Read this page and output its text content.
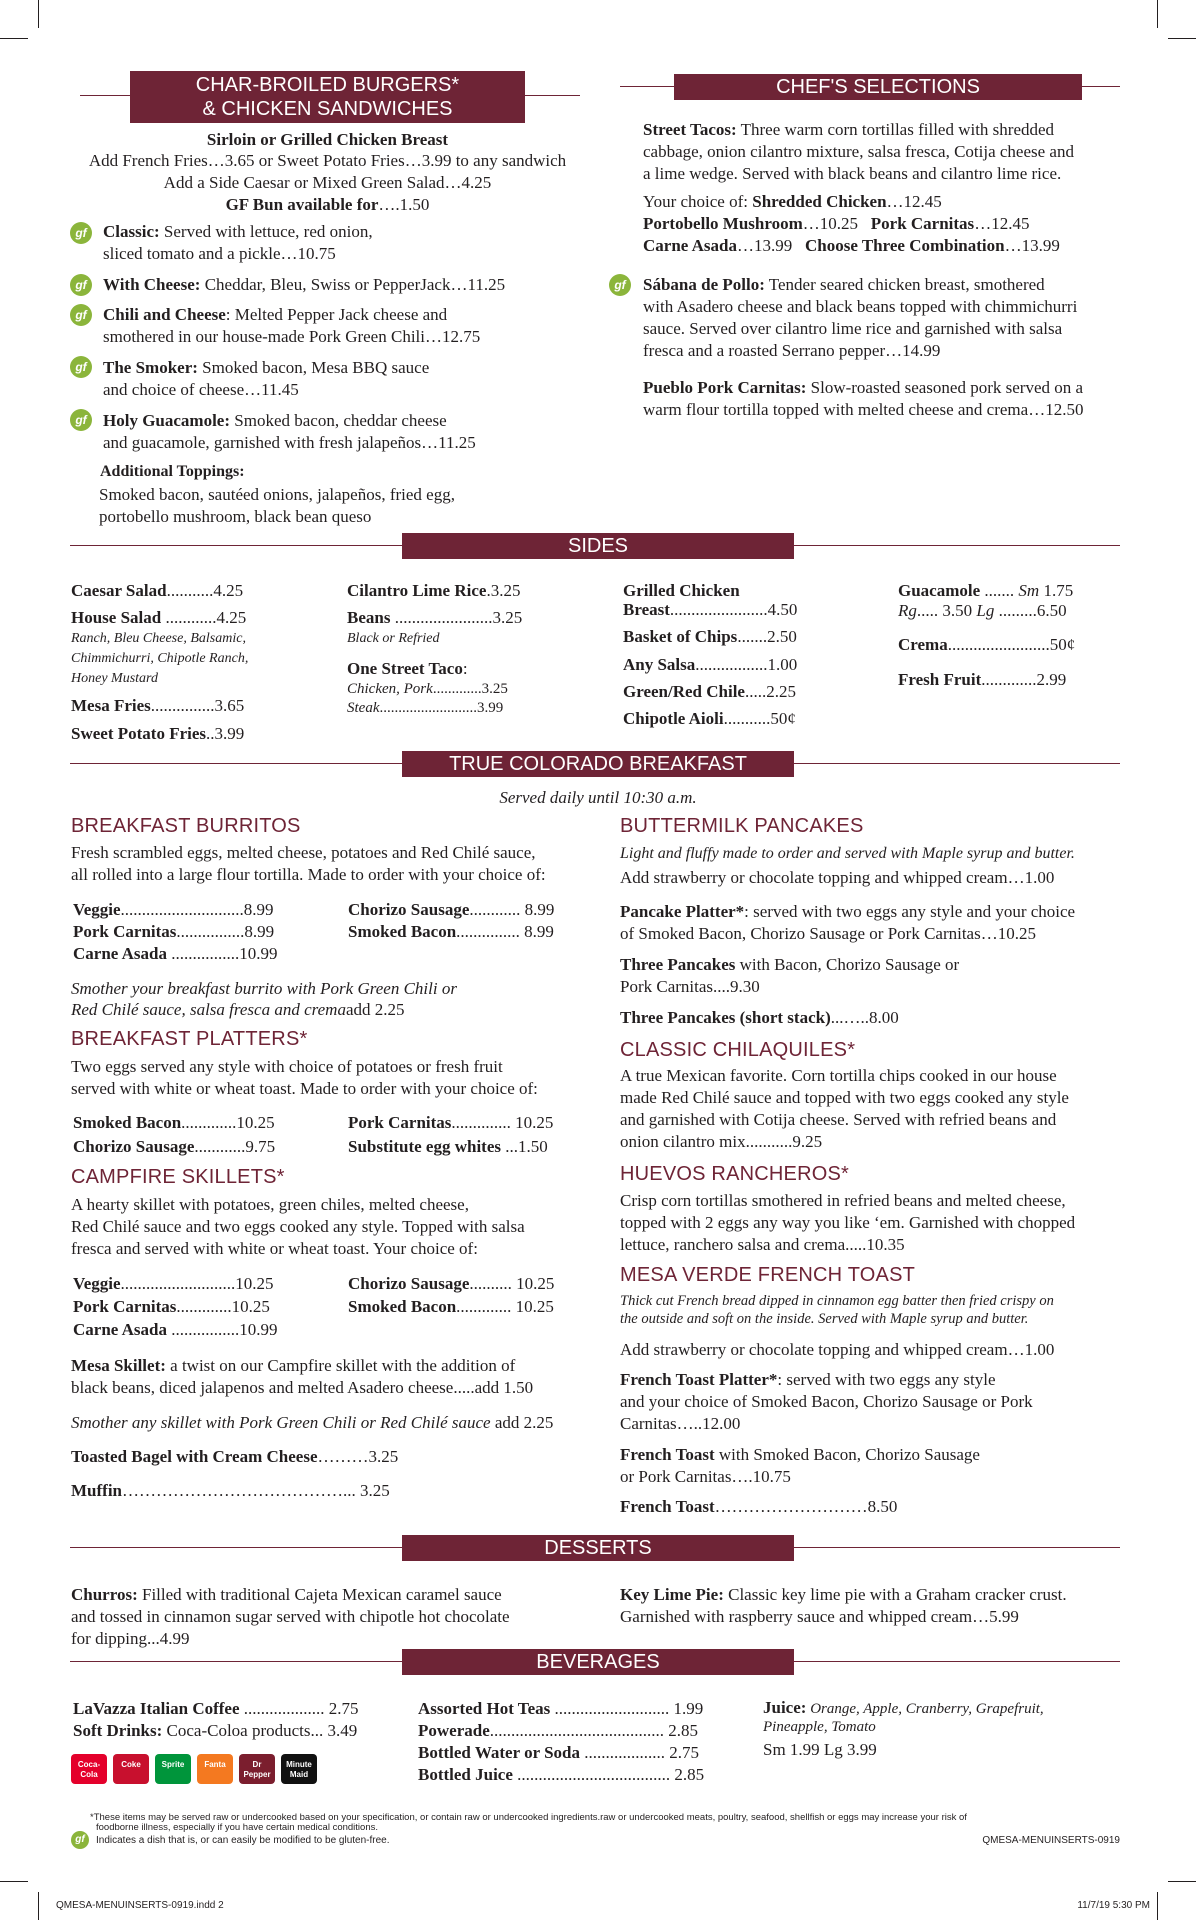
CHAR-BROILED BURGERS*
& CHICKEN SANDWICHES
Sirloin or Grilled Chicken Breast
Add French Fries…3.65 or Sweet Potato Fries…3.99 to any sandwich
Add a Side Caesar or Mixed Green Salad…4.25
GF Bun available for….1.50
gf Classic: Served with lettuce, red onion,
sliced tomato and a pickle…10.75
gf With Cheese: Cheddar, Bleu, Swiss or PepperJack…11.25
gf Chili and Cheese: Melted Pepper Jack cheese and
smothered in our house-made Pork Green Chili…12.75
gf The Smoker: Smoked bacon, Mesa BBQ sauce
and choice of cheese…11.45
gf Holy Guacamole: Smoked bacon, cheddar cheese
and guacamole, garnished with fresh jalapeños…11.25
Additional Toppings:
Smoked bacon, sautéed onions, jalapeños, fried egg,
portobello mushroom, black bean queso
CHEF'S SELECTIONS
Street Tacos: Three warm corn tortillas filled with shredded
cabbage, onion cilantro mixture, salsa fresca, Cotija cheese and
a lime wedge. Served with black beans and cilantro lime rice.
Your choice of: Shredded Chicken…12.45
Portobello Mushroom…10.25 Pork Carnitas…12.45
Carne Asada…13.99 Choose Three Combination…13.99
gf	Sábana de Pollo: Tender seared chicken breast, smothered
with Asadero cheese and black beans topped with chimmichurri
sauce. Served over cilantro lime rice and garnished with salsa
fresca and a roasted Serrano pepper…14.99
Pueblo Pork Carnitas: Slow-roasted seasoned pork served on a
warm flour tortilla topped with melted cheese and crema…12.50
SIDES
Caesar Salad...........4.25
House Salad ............4.25
Ranch, Bleu Cheese, Balsamic,
Chimmichurri, Chipotle Ranch,
Honey Mustard
Mesa Fries...............3.65
Sweet Potato Fries..3.99
Cilantro Lime Rice.3.25
Beans .......................3.25
Black or Refried
One Street Taco:
Chicken, Pork.............3.25
Steak..........................3.99
Grilled Chicken
Breast.......................4.50
Basket of Chips.......2.50
Any Salsa.................1.00
Green/Red Chile.....2.25
Chipotle Aioli...........50¢
Guacamole ....... Sm 1.75
Rg..... 3.50 Lg .........6.50
Crema........................50¢
Fresh Fruit.............2.99
TRUE COLORADO BREAKFAST
Served daily until 10:30 a.m.
BREAKFAST BURRITOS
Fresh scrambled eggs, melted cheese, potatoes and Red Chilé sauce,
all rolled into a large flour tortilla. Made to order with your choice of:
Veggie.............................8.99
Pork Carnitas................8.99
Carne Asada ................10.99
Chorizo Sausage............ 8.99
Smoked Bacon............... 8.99
Smother your breakfast burrito with Pork Green Chili or
Red Chilé sauce, salsa fresca and cremaadd 2.25
BREAKFAST PLATTERS*
Two eggs served any style with choice of potatoes or fresh fruit
served with white or wheat toast. Made to order with your choice of:
Smoked Bacon.............10.25
Chorizo Sausage............9.75
Pork Carnitas.............. 10.25
Substitute egg whites ...1.50
CAMPFIRE SKILLETS*
A hearty skillet with potatoes, green chiles, melted cheese,
Red Chilé sauce and two eggs cooked any style. Topped with salsa
fresca and served with white or wheat toast. Your choice of:
Veggie...........................10.25
Pork Carnitas.............10.25
Carne Asada ................10.99
Chorizo Sausage.......... 10.25
Smoked Bacon............. 10.25
Mesa Skillet: a twist on our Campfire skillet with the addition of
black beans, diced jalapenos and melted Asadero cheese.....add 1.50
Smother any skillet with Pork Green Chili or Red Chilé sauce add 2.25
Toasted Bagel with Cream Cheese………3.25
Muffin…………………………………... 3.25
BUTTERMILK PANCAKES
Light and fluffy made to order and served with Maple syrup and butter.
Add strawberry or chocolate topping and whipped cream…1.00
Pancake Platter*: served with two eggs any style and your choice
of Smoked Bacon, Chorizo Sausage or Pork Carnitas…10.25
Three Pancakes with Bacon, Chorizo Sausage or
Pork Carnitas....9.30
Three Pancakes (short stack)...…..8.00
CLASSIC CHILAQUILES*
A true Mexican favorite. Corn tortilla chips cooked in our house
made Red Chilé sauce and topped with two eggs cooked any style
and garnished with Cotija cheese. Served with refried beans and
onion cilantro mix...........9.25
HUEVOS RANCHEROS*
Crisp corn tortillas smothered in refried beans and melted cheese,
topped with 2 eggs any way you like ‘em. Garnished with chopped
lettuce, ranchero salsa and crema.....10.35
MESA VERDE FRENCH TOAST
Thick cut French bread dipped in cinnamon egg batter then fried crispy on
the outside and soft on the inside. Served with Maple syrup and butter.
Add strawberry or chocolate topping and whipped cream…1.00
French Toast Platter*: served with two eggs any style
and your choice of Smoked Bacon, Chorizo Sausage or Pork
Carnitas…..12.00
French Toast with Smoked Bacon, Chorizo Sausage
or Pork Carnitas….10.75
French Toast………………………8.50
DESSERTS
Churros: Filled with traditional Cajeta Mexican caramel sauce
and tossed in cinnamon sugar served with chipotle hot chocolate
for dipping...4.99
Key Lime Pie: Classic key lime pie with a Graham cracker crust.
Garnished with raspberry sauce and whipped cream…5.99
BEVERAGES
LaVazza Italian Coffee ................... 2.75
Soft Drinks: Coca-Coloa products... 3.49
Coca-Cola
Coke	Sprite	Fanta	Dr Pepper
Minute Maid
Assorted Hot Teas ........................... 1.99
Powerade......................................... 2.85
Bottled Water or Soda ................... 2.75
Bottled Juice .................................... 2.85
Juice: Orange, Apple, Cranberry, Grapefruit,
Pineapple, Tomato
Sm 1.99 Lg 3.99
*These items may be served raw or undercooked based on your specification, or contain raw or undercooked ingredients.raw or undercooked meats, poultry, seafood, shellfish or eggs may increase your risk of
foodborne illness, especially if you have certain medical conditions.
gf	Indicates a dish that is, or can easily be modified to be gluten-free.	QMESA-MENUINSERTS-0919
QMESA-MENUINSERTS-0919.indd 2	11/7/19 5:30 PM
